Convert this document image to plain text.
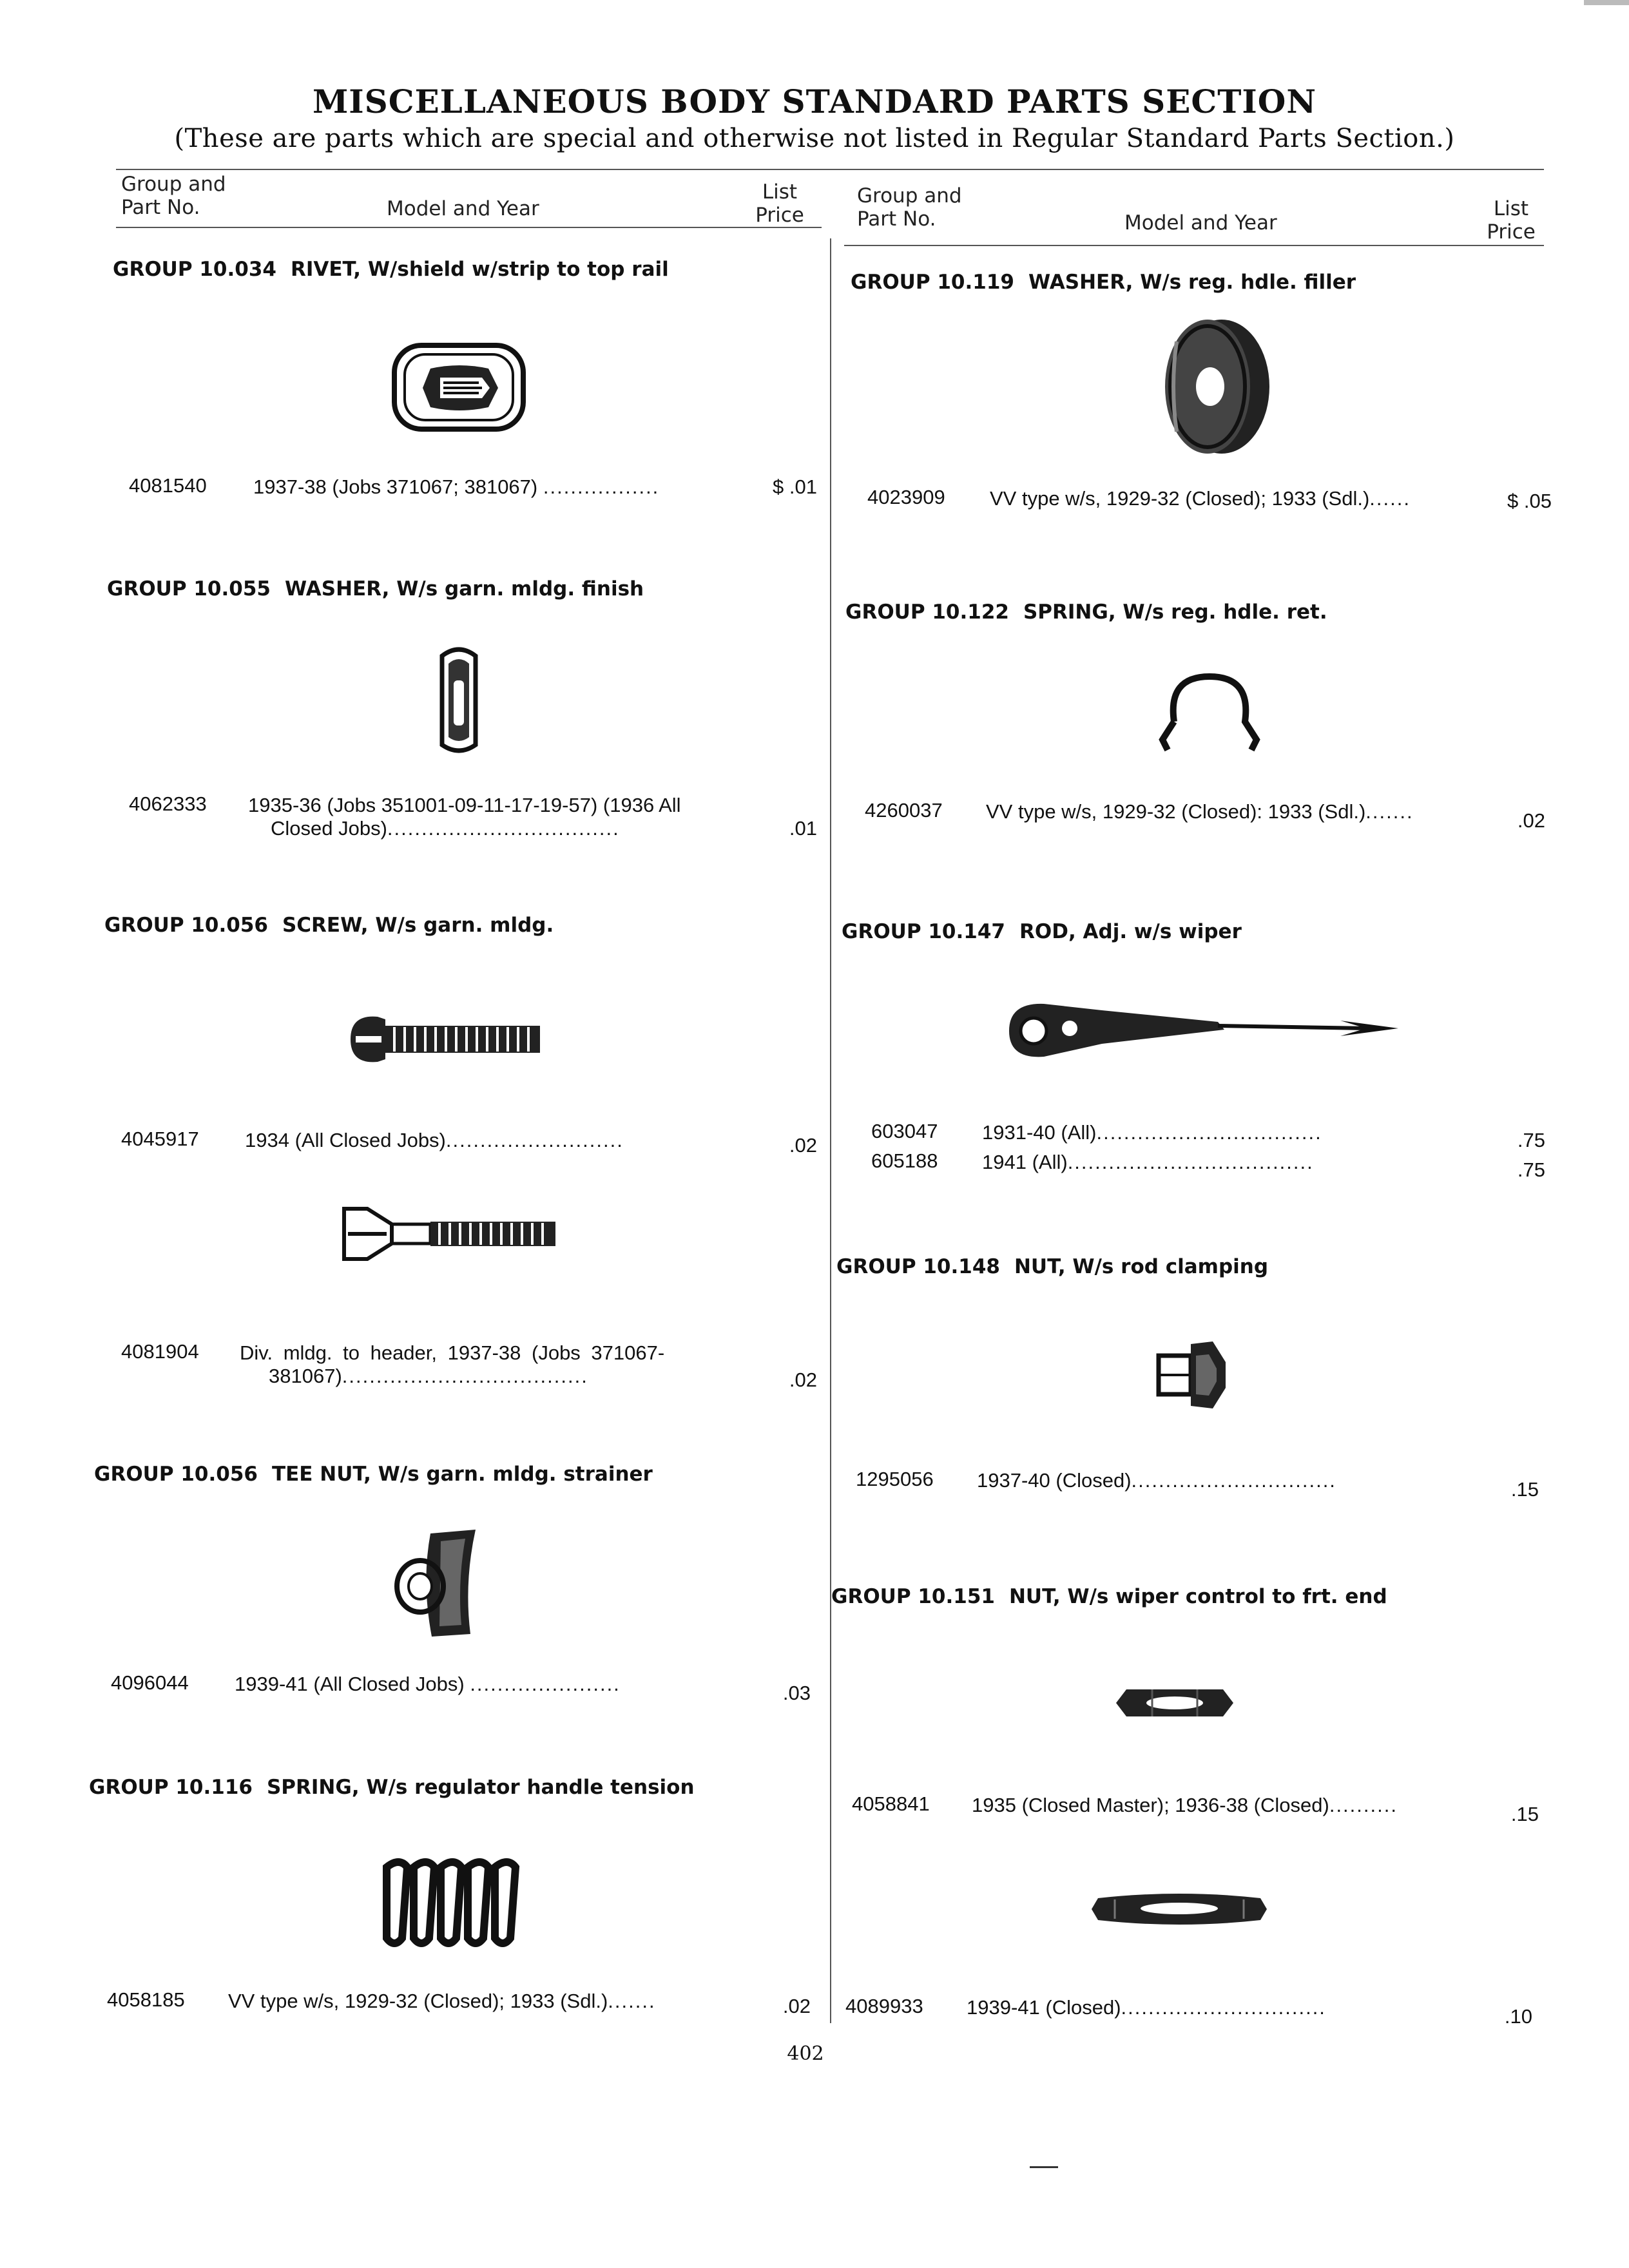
MISCELLANEOUS BODY STANDARD PARTS SECTION
(These are parts which are special and otherwise not listed in Regular Standard Parts Section.)
Group and Part No.	Model and Year
List Price
Group and Part No.	Model and Year
List Price
GROUP 10.034 RIVET, W/shield w/strip to top rail
4081540 1937-38 (Jobs 371067; 381067) .................	$ .01
GROUP 10.055 WASHER, W/s garn. mldg. finish
4062333 1935-36 (Jobs 351001-09-11-17-19-57) (1936 All
Closed Jobs)..................................	.01
GROUP 10.056 SCREW, W/s garn. mldg.
4045917 1934 (All Closed Jobs)..........................	.02
4081904 Div. mldg. to header, 1937-38 (Jobs 371067-
381067)....................................	.02
GROUP 10.056 TEE NUT, W/s garn. mldg. strainer
4096044 1939-41 (All Closed Jobs) ......................	.03
GROUP 10.116 SPRING, W/s regulator handle tension
4058185 VV type w/s, 1929-32 (Closed); 1933 (Sdl.).......	.02
GROUP 10.119 WASHER, W/s reg. hdle. filler
4023909 VV type w/s, 1929-32 (Closed); 1933 (Sdl.)......	$ .05
GROUP 10.122 SPRING, W/s reg. hdle. ret.
4260037 VV type w/s, 1929-32 (Closed): 1933 (Sdl.).......	.02
GROUP 10.147 ROD, Adj. w/s wiper
603047 1931-40 (All).................................	.75
605188 1941 (All)....................................	.75
GROUP 10.148 NUT, W/s rod clamping
1295056 1937-40 (Closed)..............................	.15
GROUP 10.151 NUT, W/s wiper control to frt. end
4058841 1935 (Closed Master); 1936-38 (Closed)..........	.15
4089933 1939-41 (Closed)..............................	.10
402
